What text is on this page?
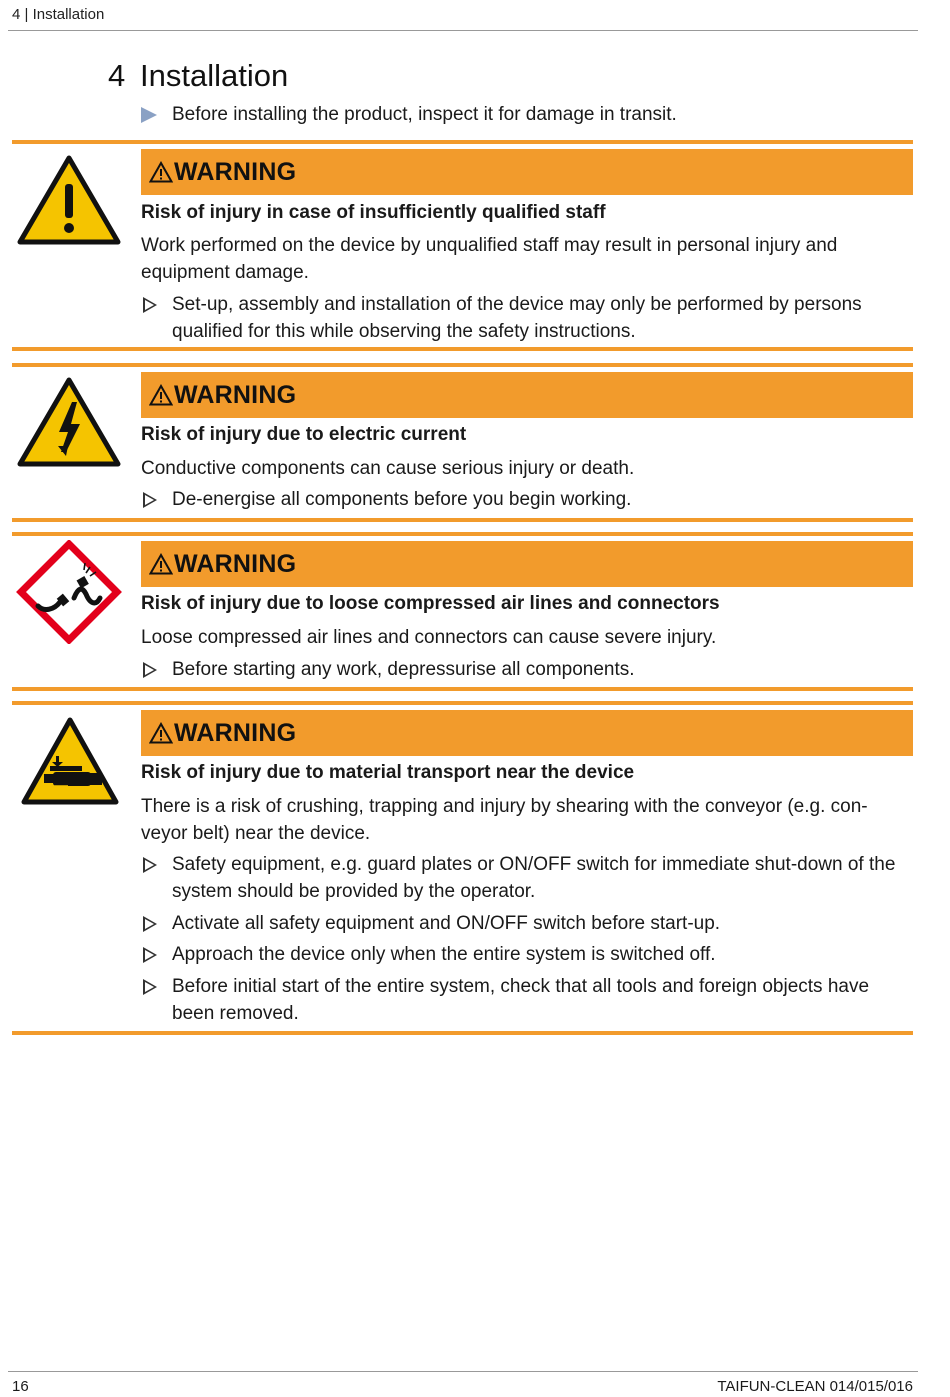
4 | Installation
4 Installation
Before installing the product, inspect it for damage in transit.
WARNING
Risk of injury in case of insufficiently qualified staff
Work performed on the device by unqualified staff may result in personal injury and equipment damage.
Set-up, assembly and installation of the device may only be performed by persons qualified for this while observing the safety instructions.
WARNING
Risk of injury due to electric current
Conductive components can cause serious injury or death.
De-energise all components before you begin working.
WARNING
Risk of injury due to loose compressed air lines and connectors
Loose compressed air lines and connectors can cause severe injury.
Before starting any work, depressurise all components.
WARNING
Risk of injury due to material transport near the device
There is a risk of crushing, trapping and injury by shearing with the conveyor (e.g. con-veyor belt) near the device.
Safety equipment, e.g. guard plates or ON/OFF switch for immediate shut-down of the system should be provided by the operator.
Activate all safety equipment and ON/OFF switch before start-up.
Approach the device only when the entire system is switched off.
Before initial start of the entire system, check that all tools and foreign objects have been removed.
16	TAIFUN-CLEAN 014/015/016
